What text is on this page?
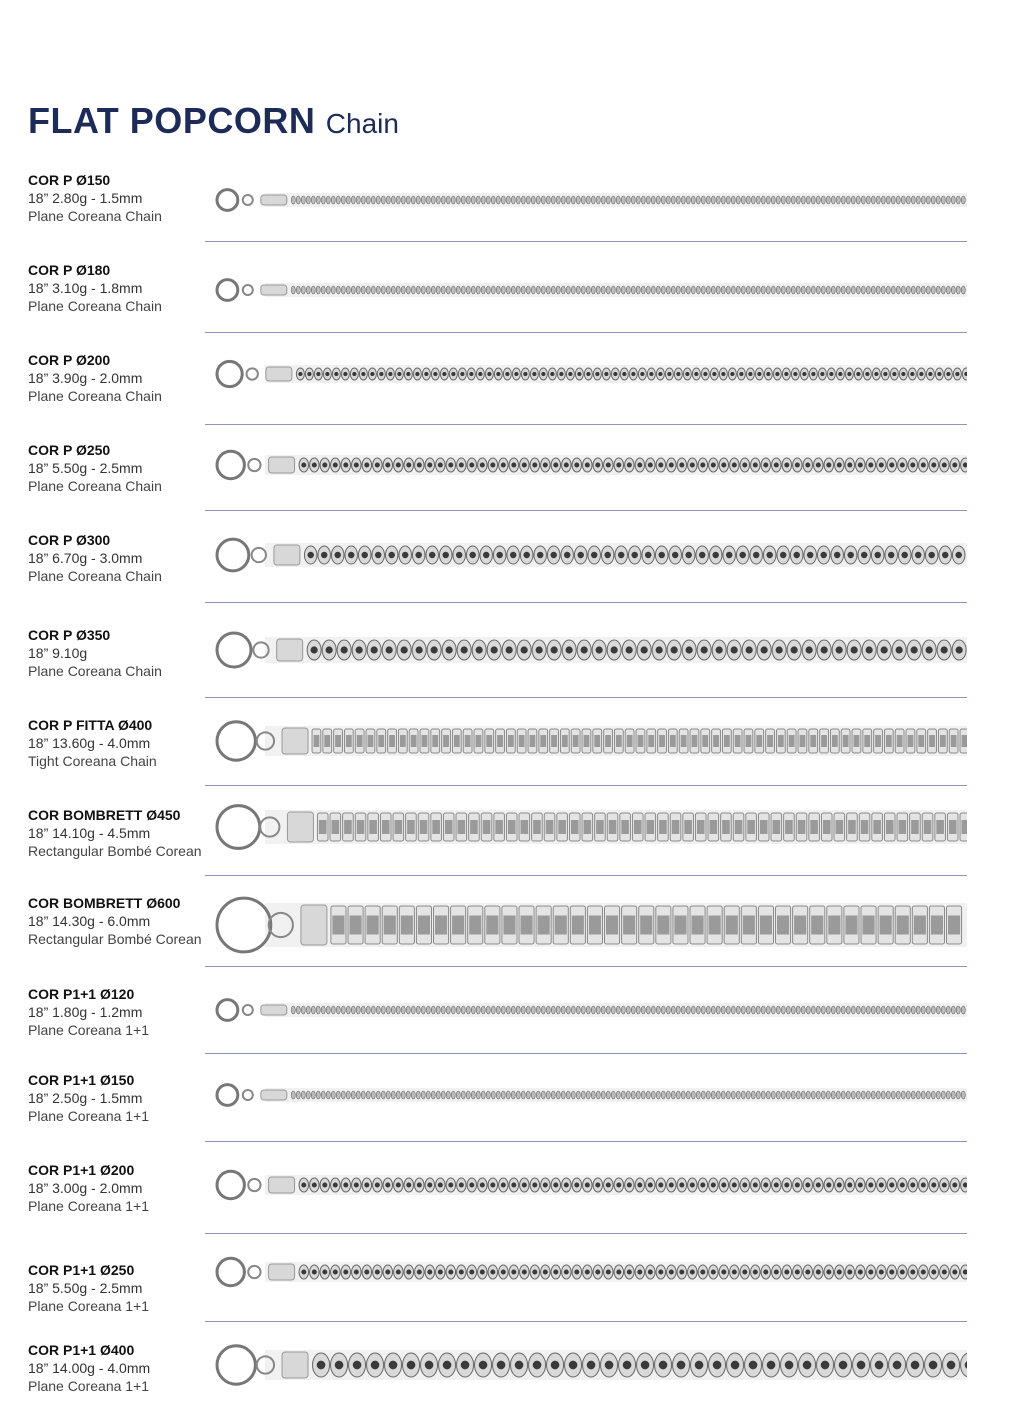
FLAT POPCORN Chain
COR P Ø150
18” 2.80g - 1.5mm
Plane Coreana Chain
COR P Ø180
18” 3.10g - 1.8mm
Plane Coreana Chain
COR P Ø200
18” 3.90g - 2.0mm
Plane Coreana Chain
COR P Ø250
18” 5.50g - 2.5mm
Plane Coreana Chain
COR P Ø300
18” 6.70g - 3.0mm
Plane Coreana Chain
COR P Ø350
18” 9.10g
Plane Coreana Chain
COR P FITTA Ø400
18” 13.60g - 4.0mm
Tight Coreana Chain
COR BOMBRETT Ø450
18” 14.10g - 4.5mm
Rectangular Bombé Corean
COR BOMBRETT Ø600
18” 14.30g - 6.0mm
Rectangular Bombé Corean
COR P1+1 Ø120
18” 1.80g - 1.2mm
Plane Coreana 1+1
COR P1+1 Ø150
18” 2.50g - 1.5mm
Plane Coreana 1+1
COR P1+1 Ø200
18” 3.00g - 2.0mm
Plane Coreana 1+1
COR P1+1 Ø250
18” 5.50g - 2.5mm
Plane Coreana 1+1
COR P1+1 Ø400
18” 14.00g - 4.0mm
Plane Coreana 1+1
